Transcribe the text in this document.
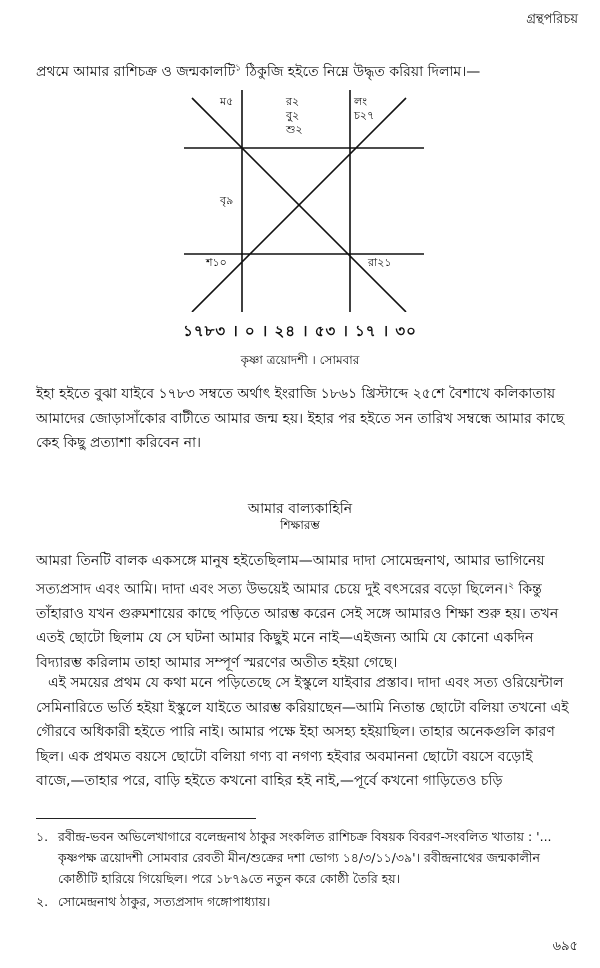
গ্রন্থপরিচয়
প্রথমে আমার রাশিচক্র ও জন্মকালটি$^১$ ঠিকুজি হইতে নিম্নে উদ্ধৃত করিয়া দিলাম।—
ম৫	র২
বু২
শু২
লং
চ২৭
বৃ৯
শ১০	রা২১
১৭৮৩ । ০ । ২৪ । ৫৩ । ১৭ । ৩০
কৃষ্ণা ত্রয়োদশী । সোমবার
ইহা হইতে বুঝা যাইবে ১৭৮৩ সম্বতে অর্থাৎ ইংরাজি ১৮৬১ খ্রিস্টাব্দে ২৫শে বৈশাখে কলিকাতায়
আমাদের জোড়াসাঁকোর বাটীতে আমার জন্ম হয়। ইহার পর হইতে সন তারিখ সম্বন্ধে আমার কাছে
কেহ কিছু প্রত্যাশা করিবেন না।
আমার বাল্যকাহিনি
শিক্ষারম্ভ
আমরা তিনটি বালক একসঙ্গে মানুষ হইতেছিলাম—আমার দাদা সোমেন্দ্রনাথ, আমার ভাগিনেয়
সত্যপ্রসাদ এবং আমি। দাদা এবং সত্য উভয়েই আমার চেয়ে দুই বৎসরের বড়ো ছিলেন।$^২$ কিন্তু
তাঁহারাও যখন গুরুমশায়ের কাছে পড়িতে আরম্ভ করেন সেই সঙ্গে আমারও শিক্ষা শুরু হয়। তখন
এতই ছোটো ছিলাম যে সে ঘটনা আমার কিছুই মনে নাই—এইজন্য আমি যে কোনো একদিন
বিদ্যারম্ভ করিলাম তাহা আমার সম্পূর্ণ স্মরণের অতীত হইয়া গেছে।
এই সময়ের প্রথম যে কথা মনে পড়িতেছে সে ইস্কুলে যাইবার প্রস্তাব। দাদা এবং সত্য ওরিয়েন্টাল
সেমিনারিতে ভর্তি হইয়া ইস্কুলে যাইতে আরম্ভ করিয়াছেন—আমি নিতান্ত ছোটো বলিয়া তখনো এই
গৌরবে অধিকারী হইতে পারি নাই। আমার পক্ষে ইহা অসহ্য হইয়াছিল। তাহার অনেকগুলি কারণ
ছিল। এক প্রথমত বয়সে ছোটো বলিয়া গণ্য বা নগণ্য হইবার অবমাননা ছোটো বয়সে বড়োই
বাজে,—তাহার পরে, বাড়ি হইতে কখনো বাহির হই নাই,—পূর্বে কখনো গাড়িতেও চড়ি
১. রবীন্দ্র-ভবন অভিলেখাগারে বলেন্দ্রনাথ ঠাকুর সংকলিত রাশিচক্র বিষয়ক বিবরণ-সংবলিত খাতায় : '...
কৃষ্ণপক্ষ ত্রয়োদশী সোমবার রেবতী মীন/শুক্রের দশা ভোগ্য ১৪/৩/১১/৩৯'। রবীন্দ্রনাথের জন্মকালীন
কোষ্ঠীটি হারিয়ে গিয়েছিল। পরে ১৮৭৯তে নতুন করে কোষ্ঠী তৈরি হয়।
২. সোমেন্দ্রনাথ ঠাকুর, সত্যপ্রসাদ গঙ্গোপাধ্যায়।
৬৯৫
